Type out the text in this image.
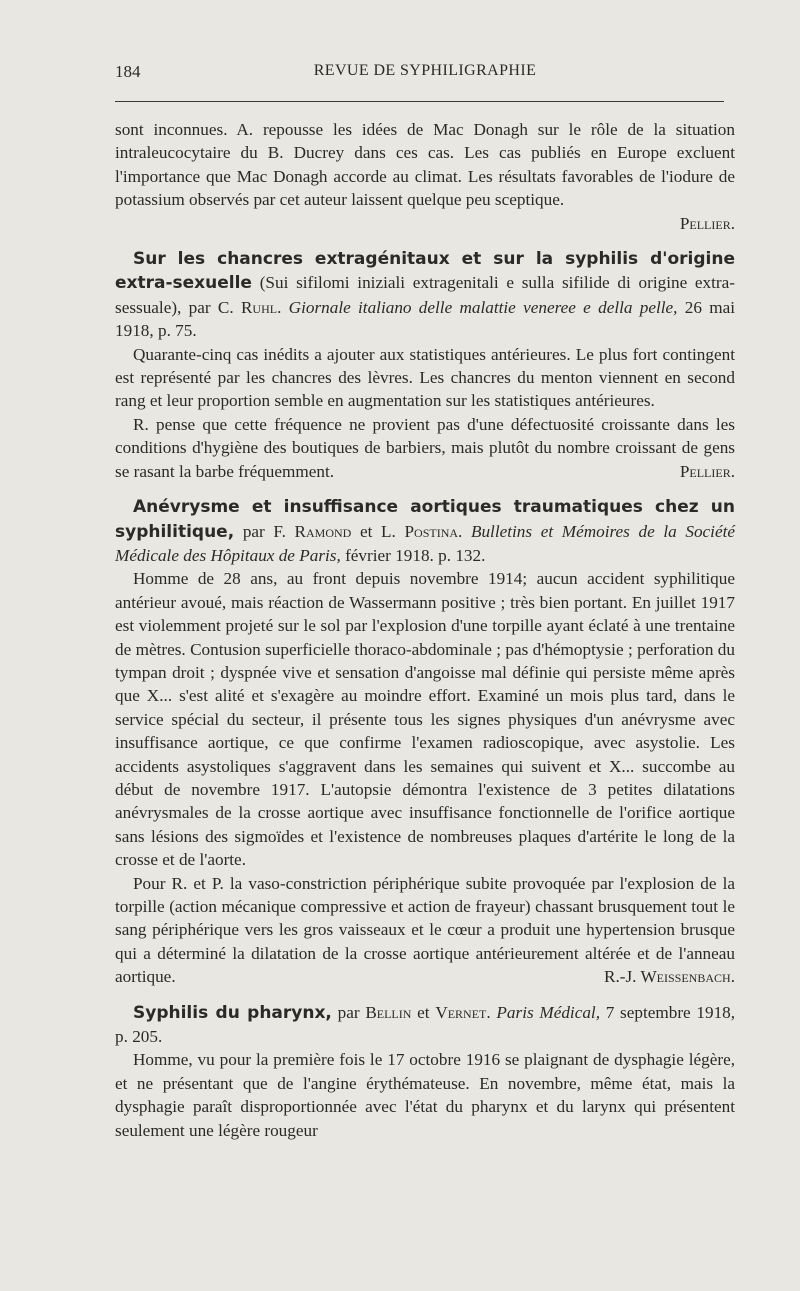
184	REVUE DE SYPHILIGRAPHIE

sont inconnues. A. repousse les idées de Mac Donagh sur le rôle de la situation intraleucocytaire du B. Ducrey dans ces cas. Les cas publiés en Europe excluent l'importance que Mac Donagh accorde au climat. Les résultats favorables de l'iodure de potassium observés par cet auteur laissent quelque peu sceptique.

Pellier.

Sur les chancres extragénitaux et sur la syphilis d'origine extra-sexuelle (Sui sifilomi iniziali extragenitali e sulla sifilide di origine extra-sessuale), par C. Ruhl. Giornale italiano delle malattie veneree e della pelle, 26 mai 1918, p. 75.

Quarante-cinq cas inédits a ajouter aux statistiques antérieures. Le plus fort contingent est représenté par les chancres des lèvres. Les chancres du menton viennent en second rang et leur proportion semble en augmentation sur les statistiques antérieures.

R. pense que cette fréquence ne provient pas d'une défectuosité croissante dans les conditions d'hygiène des boutiques de barbiers, mais plutôt du nombre croissant de gens se rasant la barbe fréquemment.	Pellier.

Anévrysme et insuffisance aortiques traumatiques chez un syphilitique, par F. Ramond et L. Postina. Bulletins et Mémoires de la Société Médicale des Hôpitaux de Paris, février 1918. p. 132.

Homme de 28 ans, au front depuis novembre 1914; aucun accident syphilitique antérieur avoué, mais réaction de Wassermann positive ; très bien portant. En juillet 1917 est violemment projeté sur le sol par l'explosion d'une torpille ayant éclaté à une trentaine de mètres. Contusion superficielle thoraco-abdominale ; pas d'hémoptysie ; perforation du tympan droit ; dyspnée vive et sensation d'angoisse mal définie qui persiste même après que X... s'est alité et s'exagère au moindre effort. Examiné un mois plus tard, dans le service spécial du secteur, il présente tous les signes physiques d'un anévrysme avec insuffisance aortique, ce que confirme l'examen radioscopique, avec asystolie. Les accidents asystoliques s'aggravent dans les semaines qui suivent et X... succombe au début de novembre 1917. L'autopsie démontra l'existence de 3 petites dilatations anévrysmales de la crosse aortique avec insuffisance fonctionnelle de l'orifice aortique sans lésions des sigmoïdes et l'existence de nombreuses plaques d'artérite le long de la crosse et de l'aorte.

Pour R. et P. la vaso-constriction périphérique subite provoquée par l'explosion de la torpille (action mécanique compressive et action de frayeur) chassant brusquement tout le sang périphérique vers les gros vaisseaux et le cœur a produit une hypertension brusque qui a déterminé la dilatation de la crosse aortique antérieurement altérée et de l'anneau aortique.	R.-J. Weissenbach.

Syphilis du pharynx, par Bellin et Vernet. Paris Médical, 7 septembre 1918, p. 205.

Homme, vu pour la première fois le 17 octobre 1916 se plaignant de dysphagie légère, et ne présentant que de l'angine érythémateuse. En novembre, même état, mais la dysphagie paraît disproportionnée avec l'état du pharynx et du larynx qui présentent seulement une légère rougeur
